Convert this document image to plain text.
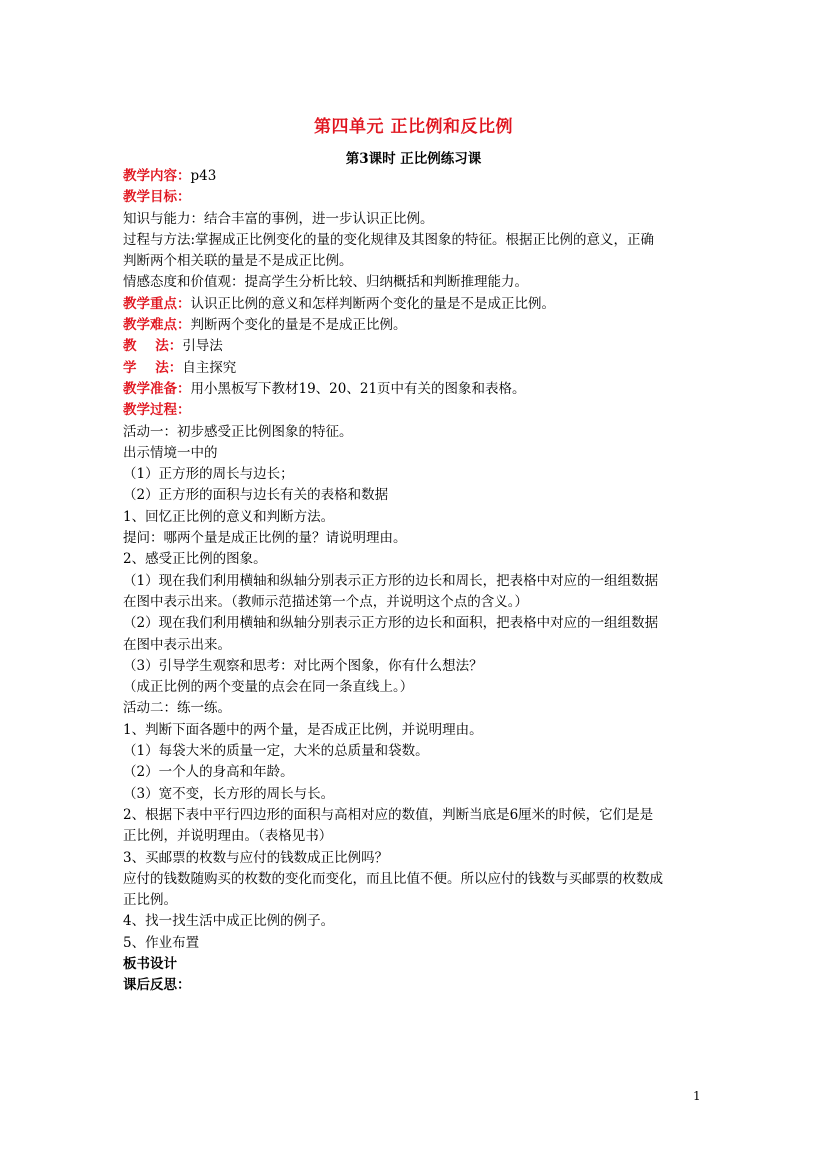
第四单元 正比例和反比例
第3课时 正比例练习课
教学内容：p43
教学目标：
知识与能力：结合丰富的事例，进一步认识正比例。
过程与方法:掌握成正比例变化的量的变化规律及其图象的特征。根据正比例的意义，正确
判断两个相关联的量是不是成正比例。
情感态度和价值观：提高学生分析比较、归纳概括和判断推理能力。
教学重点：认识正比例的意义和怎样判断两个变化的量是不是成正比例。
教学难点：判断两个变化的量是不是成正比例。
教    法：引导法
学    法：自主探究
教学准备：用小黑板写下教材19、20、21页中有关的图象和表格。
教学过程：
活动一：初步感受正比例图象的特征。
出示情境一中的
（1）正方形的周长与边长；
（2）正方形的面积与边长有关的表格和数据
1、回忆正比例的意义和判断方法。
提问：哪两个量是成正比例的量？请说明理由。
2、感受正比例的图象。
（1）现在我们利用横轴和纵轴分别表示正方形的边长和周长，把表格中对应的一组组数据
在图中表示出来。（教师示范描述第一个点，并说明这个点的含义。）
（2）现在我们利用横轴和纵轴分别表示正方形的边长和面积，把表格中对应的一组组数据
在图中表示出来。
（3）引导学生观察和思考：对比两个图象，你有什么想法？
（成正比例的两个变量的点会在同一条直线上。）
活动二：练一练。
1、判断下面各题中的两个量，是否成正比例，并说明理由。
（1）每袋大米的质量一定，大米的总质量和袋数。
（2）一个人的身高和年龄。
（3）宽不变，长方形的周长与长。
2、根据下表中平行四边形的面积与高相对应的数值，判断当底是6厘米的时候，它们是是
正比例，并说明理由。（表格见书）
3、买邮票的枚数与应付的钱数成正比例吗？
应付的钱数随购买的枚数的变化而变化，而且比值不便。所以应付的钱数与买邮票的枚数成
正比例。
4、找一找生活中成正比例的例子。
5、作业布置
板书设计
课后反思：
1
